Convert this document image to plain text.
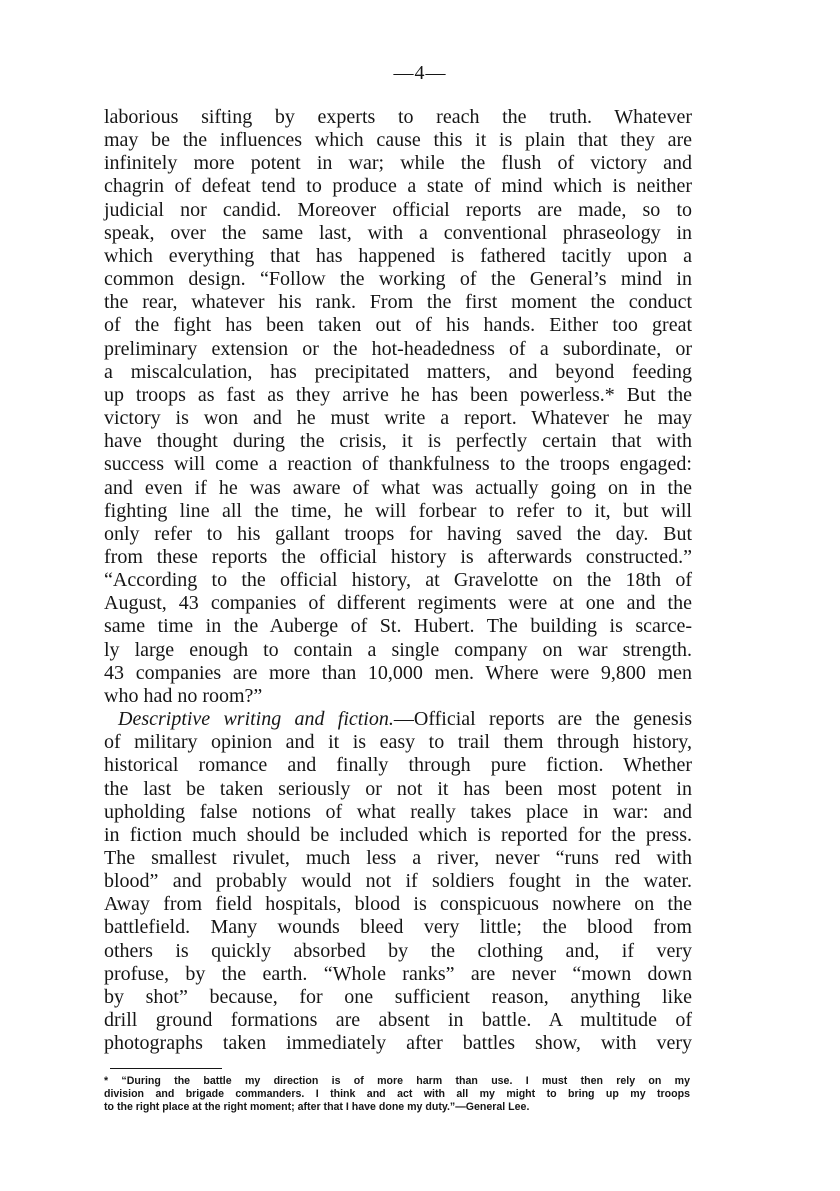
—4—
laborious sifting by experts to reach the truth. Whatever
may be the influences which cause this it is plain that they are
infinitely more potent in war; while the flush of victory and
chagrin of defeat tend to produce a state of mind which is neither
judicial nor candid. Moreover official reports are made, so to
speak, over the same last, with a conventional phraseology in
which everything that has happened is fathered tacitly upon a
common design. “Follow the working of the General’s mind in
the rear, whatever his rank. From the first moment the conduct
of the fight has been taken out of his hands. Either too great
preliminary extension or the hot-headedness of a subordinate, or
a miscalculation, has precipitated matters, and beyond feeding
up troops as fast as they arrive he has been powerless.* But the
victory is won and he must write a report. Whatever he may
have thought during the crisis, it is perfectly certain that with
success will come a reaction of thankfulness to the troops engaged:
and even if he was aware of what was actually going on in the
fighting line all the time, he will forbear to refer to it, but will
only refer to his gallant troops for having saved the day. But
from these reports the official history is afterwards constructed.”
“According to the official history, at Gravelotte on the 18th of
August, 43 companies of different regiments were at one and the
same time in the Auberge of St. Hubert. The building is scarce-
ly large enough to contain a single company on war strength.
43 companies are more than 10,000 men. Where were 9,800 men
who had no room?”
Descriptive writing and fiction.—Official reports are the genesis
of military opinion and it is easy to trail them through history,
historical romance and finally through pure fiction. Whether
the last be taken seriously or not it has been most potent in
upholding false notions of what really takes place in war: and
in fiction much should be included which is reported for the press.
The smallest rivulet, much less a river, never “runs red with
blood” and probably would not if soldiers fought in the water.
Away from field hospitals, blood is conspicuous nowhere on the
battlefield. Many wounds bleed very little; the blood from
others is quickly absorbed by the clothing and, if very
profuse, by the earth. “Whole ranks” are never “mown down
by shot” because, for one sufficient reason, anything like
drill ground formations are absent in battle. A multitude of
photographs taken immediately after battles show, with very
* “During the battle my direction is of more harm than use. I must then rely on my
division and brigade commanders. I think and act with all my might to bring up my troops
to the right place at the right moment; after that I have done my duty.”—General Lee.
